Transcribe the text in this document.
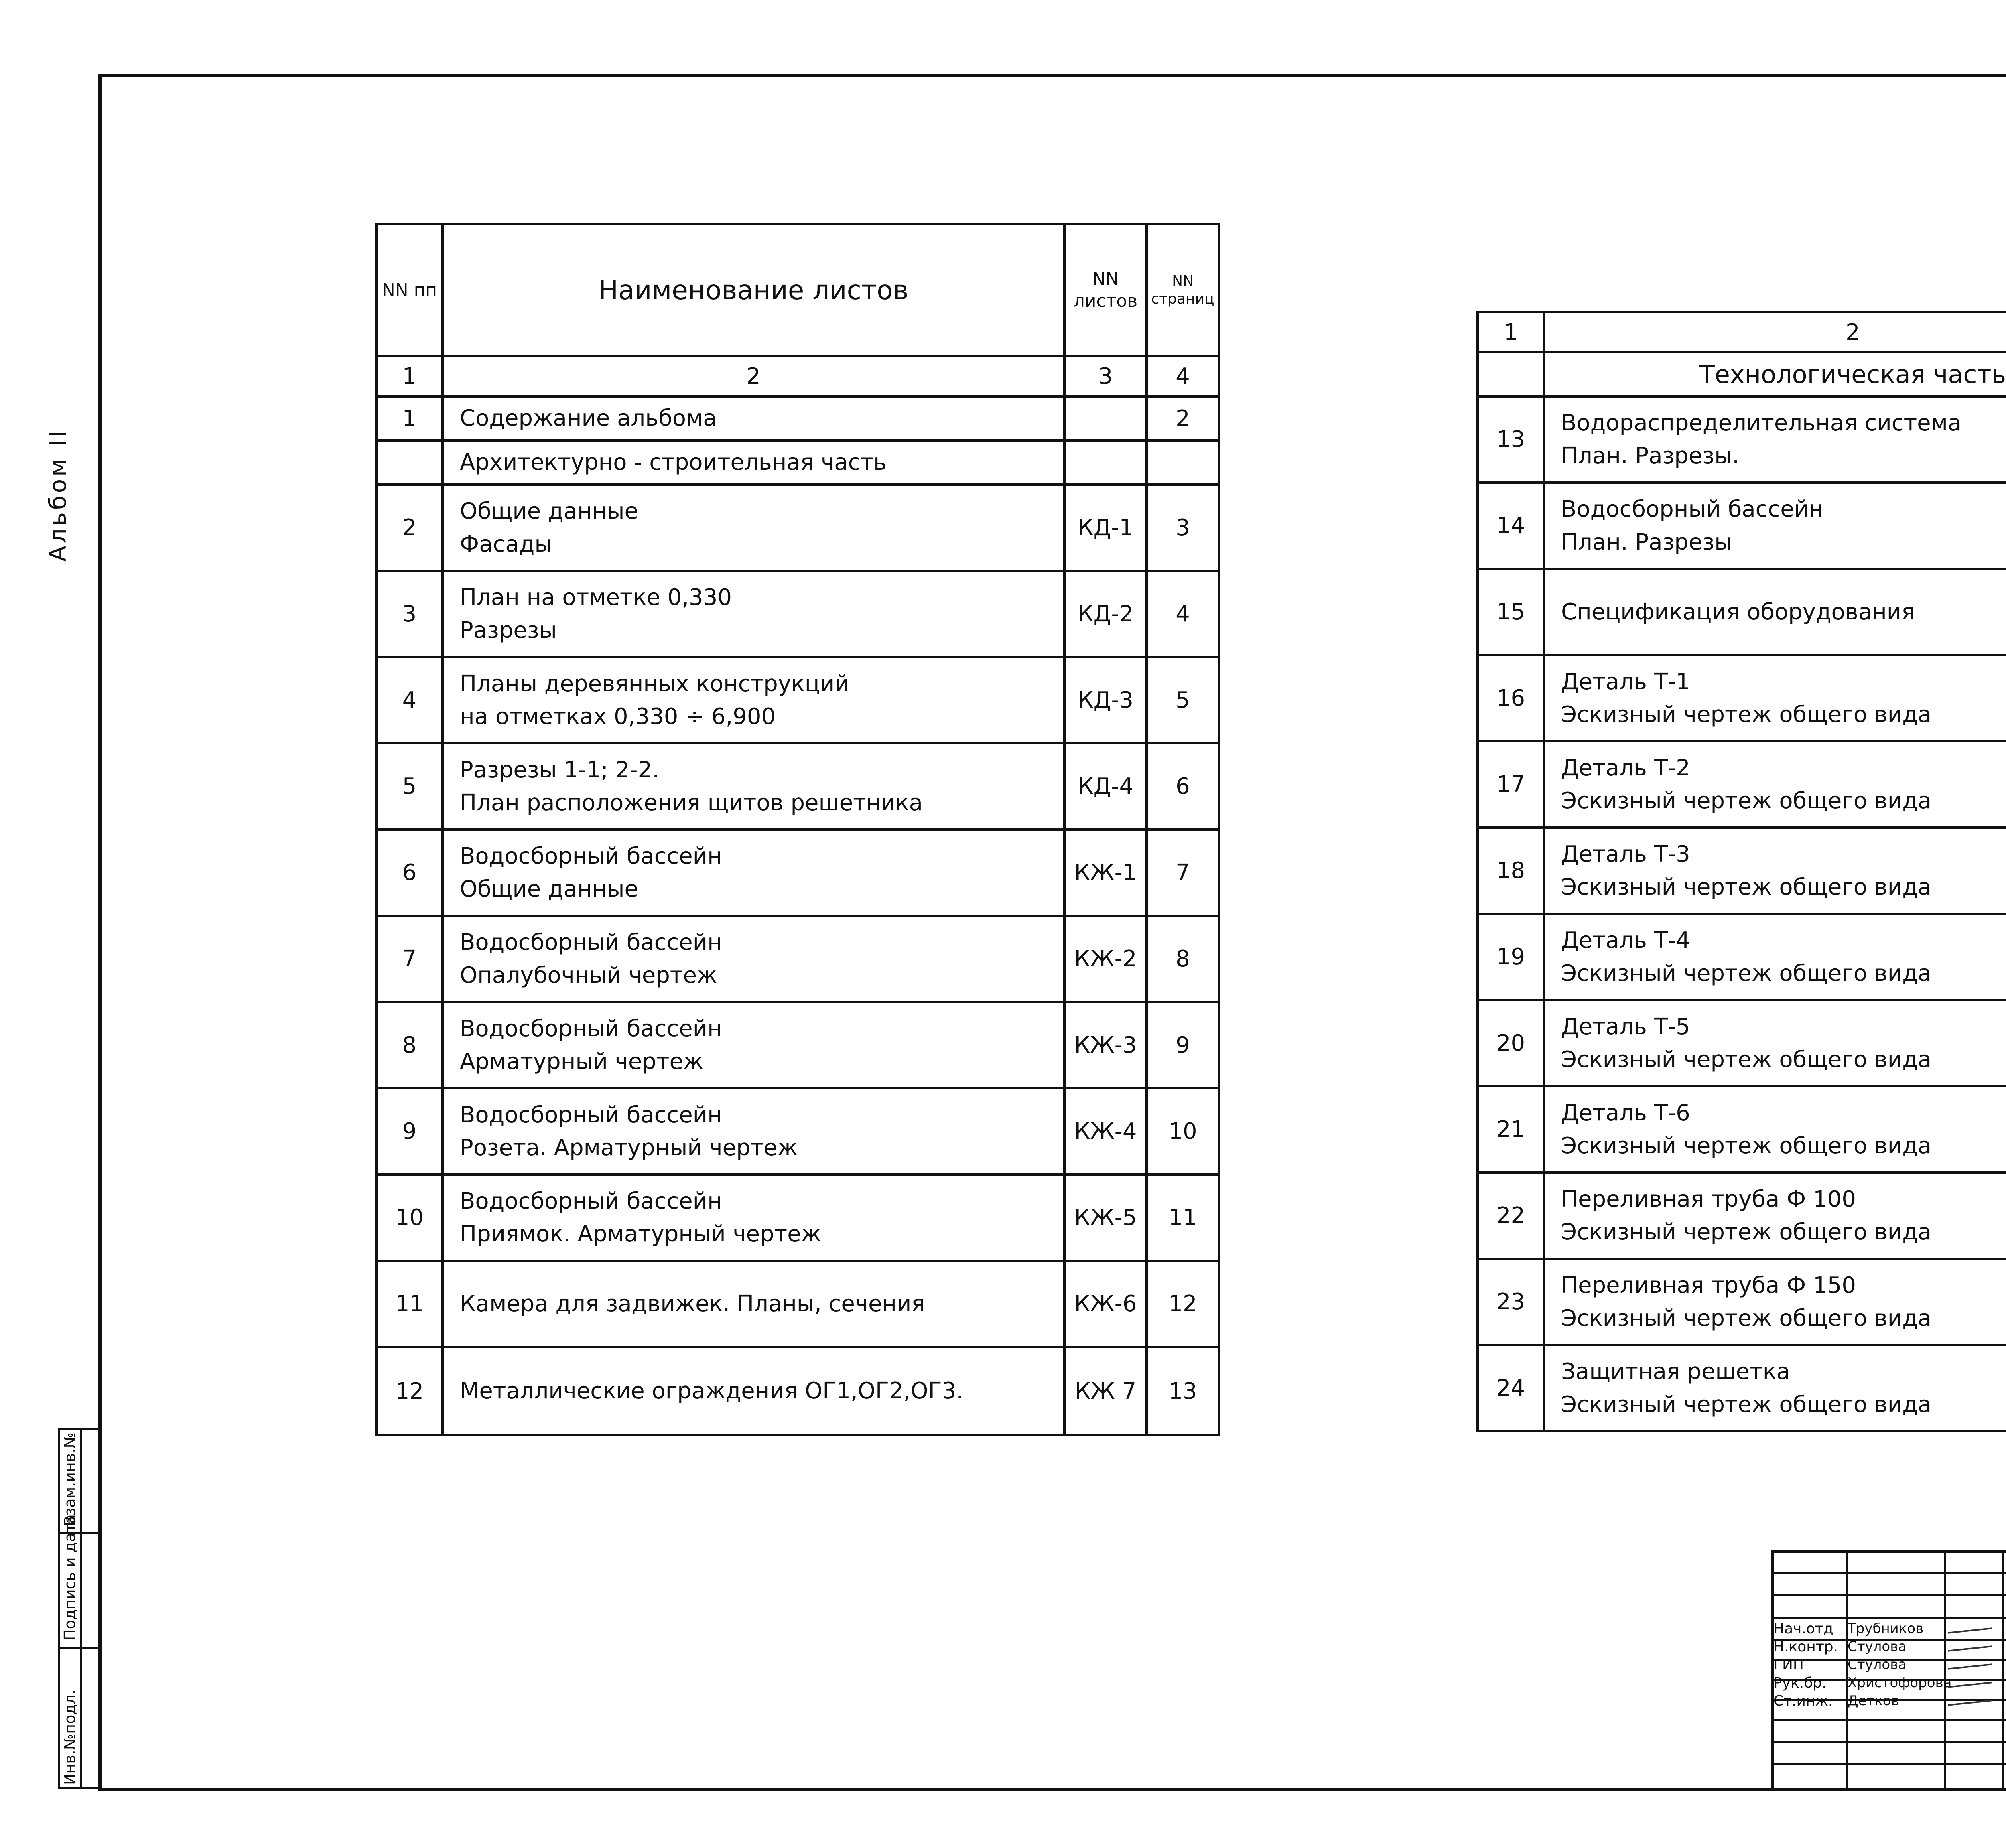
Альбом II
Инв.№подл.
Подпись и дата
Взам.инв.№
NN пп	Наименование листов	NN листов	NN страниц
1	2	3	4
1	Содержание альбома		2

	Архитектурно - строительная часть		

2	Общие данные
Фасады	КД-1	3
3	План на отметке 0,330
Разрезы	КД-2	4
4	Планы деревянных конструкций
на отметках 0,330 ÷ 6,900	КД-3	5
5	Разрезы 1-1; 2-2.
План расположения щитов решетника	КД-4	6
6	Водосборный бассейн
Общие данные	КЖ-1	7
7	Водосборный бассейн
Опалубочный чертеж	КЖ-2	8
8	Водосборный бассейн
Арматурный чертеж	КЖ-3	9
9	Водосборный бассейн
Розета. Арматурный чертеж	КЖ-4	10
10	Водосборный бассейн
Приямок. Арматурный чертеж	КЖ-5	11
11	Камера для задвижек. Планы, сечения	КЖ-6	12
12	Металлические ограждения ОГ1,ОГ2,ОГ3.	КЖ 7	13
1	2		
	Технологическая часть		
13	Водораспределительная система
План. Разрезы.

14	Водосборный бассейн
План. Разрезы

15	Спецификация оборудования

16	Деталь Т-1
Эскизный чертеж общего вида

17	Деталь Т-2
Эскизный чертеж общего вида

18	Деталь Т-3
Эскизный чертеж общего вида

19	Деталь Т-4
Эскизный чертеж общего вида

20	Деталь Т-5
Эскизный чертеж общего вида

21	Деталь Т-6
Эскизный чертеж общего вида

22	Переливная труба Ф 100
Эскизный чертеж общего вида

23	Переливная труба Ф 150
Эскизный чертеж общего вида

24	Защитная решетка
Эскизный чертеж общего вида

Нач.отд Трубников
Н.контр. Стулова
ГИП	Стулова
Рук.бр. Христофорова
Ст.инж. Детков
